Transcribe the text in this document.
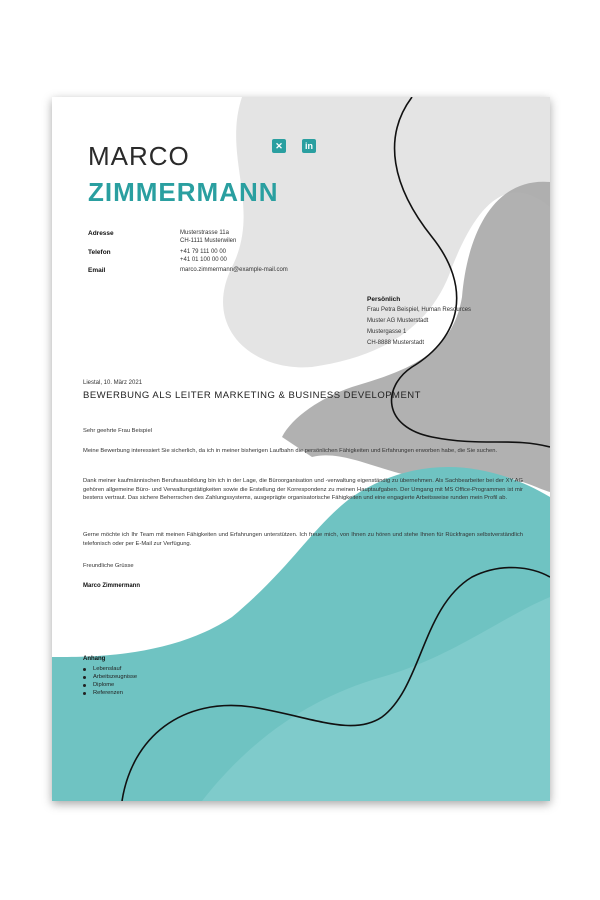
MARCO
ZIMMERMANN
✕	in
Adresse	Musterstrasse 11a
CH-1111 Musterwilen
Telefon	+41 79 111 00 00
+41 01 100 00 00
Email	marco.zimmermann@example-mail.com
Persönlich
Frau Petra Beispiel, Human Resources
Muster AG Musterstadt
Mustergasse 1
CH-8888 Musterstadt
Liestal, 10. März 2021
BEWERBUNG ALS LEITER MARKETING & BUSINESS DEVELOPMENT
Sehr geehrte Frau Beispiel
Meine Bewerbung interessiert Sie sicherlich, da ich in meiner bisherigen Laufbahn die persönlichen Fähigkeiten und Erfahrungen erworben habe, die Sie suchen.
Dank meiner kaufmännischen Berufsausbildung bin ich in der Lage, die Büroorganisation und -verwaltung eigenständig zu übernehmen. Als Sachbearbeiter bei der XY AG gehören allgemeine Büro- und Verwaltungstätigkeiten sowie die Erstellung der Korrespondenz zu meinen Hauptaufgaben. Der Umgang mit MS Office-Programmen ist mir bestens vertraut. Das sichere Beherrschen des Zahlungssystems, ausgeprägte organisatorische Fähigkeiten und eine engagierte Arbeitsweise runden mein Profil ab.
Gerne möchte ich Ihr Team mit meinen Fähigkeiten und Erfahrungen unterstützen. Ich freue mich, von Ihnen zu hören und stehe Ihnen für Rückfragen selbstverständlich telefonisch oder per E-Mail zur Verfügung.
Freundliche Grüsse
Marco Zimmermann
Anhang
Lebenslauf
Arbeitszeugnisse
Diplome
Referenzen
